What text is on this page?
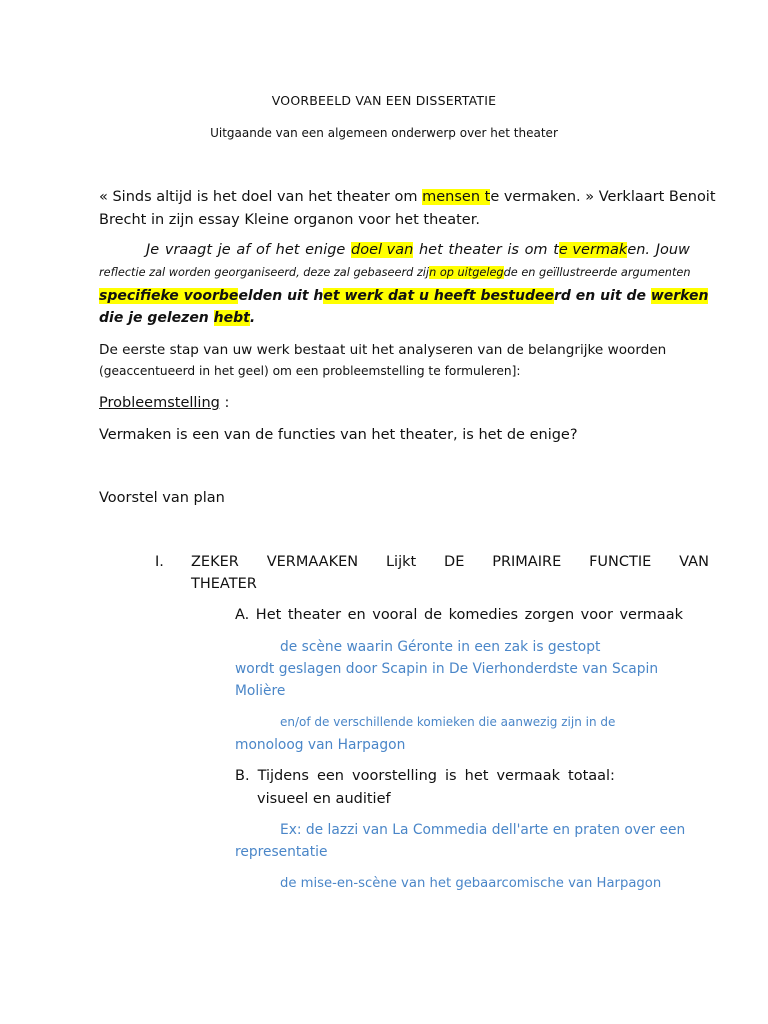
VOORBEELD VAN EEN DISSERTATIE
Uitgaande van een algemeen onderwerp over het theater
« Sinds altijd is het doel van het theater om mensen te vermaken. » Verklaart Benoit
Brecht in zijn essay Kleine organon voor het theater.
Je vraagt je af of het enige doel van het theater is om te vermaken. Jouw
reflectie zal worden georganiseerd, deze zal gebaseerd zijn op uitgelegde en geïllustreerde argumenten
specifieke voorbeelden uit het werk dat u heeft bestudeerd en uit de werken
die je gelezen hebt.
De eerste stap van uw werk bestaat uit het analyseren van de belangrijke woorden
(geaccentueerd in het geel) om een probleemstelling te formuleren]:
Probleemstelling :
Vermaken is een van de functies van het theater, is het de enige?
Voorstel van plan
I. ZEKER VERMAAKEN Lijkt DE PRIMAIRE FUNCTIE VAN
THEATER
A. Het theater en vooral de komedies zorgen voor vermaak
de scène waarin Géronte in een zak is gestopt
wordt geslagen door Scapin in De Vierhonderdste van Scapin
Molière
en/of de verschillende komieken die aanwezig zijn in de
monoloog van Harpagon
B. Tijdens een voorstelling is het vermaak totaal:
visueel en auditief
Ex: de lazzi van La Commedia dell'arte en praten over een
representatie
de mise-en-scène van het gebaarcomische van Harpagon
